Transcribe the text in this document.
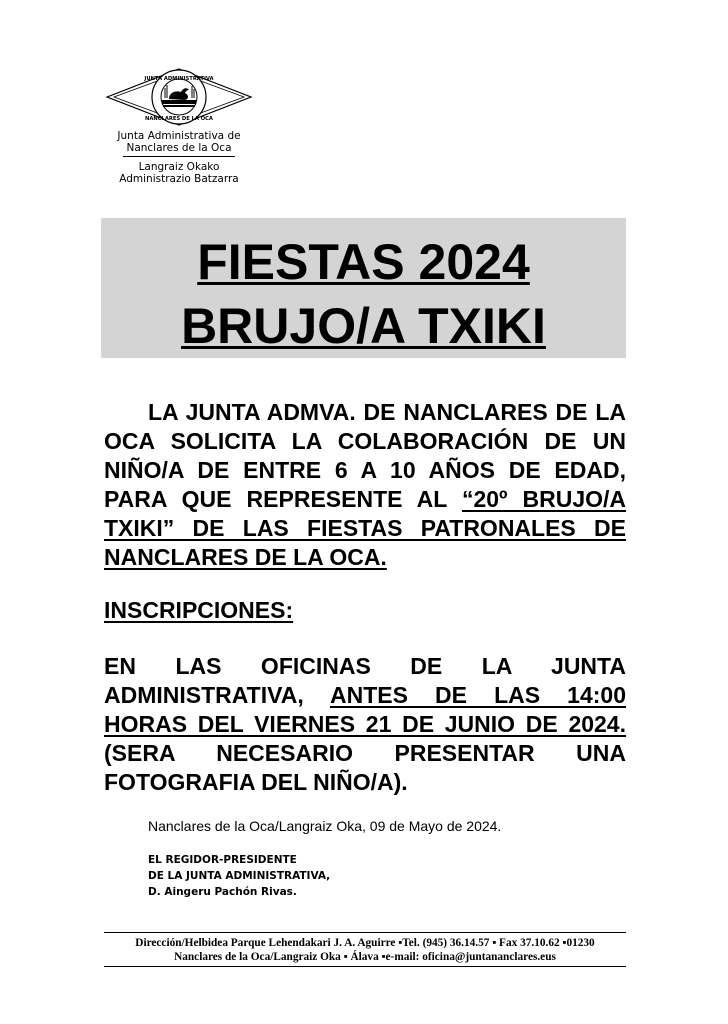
JUNTA ADMINISTRATIVA
NANCLARES DE LA OCA
Junta Administrativa de
Nanclares de la Oca
Langraiz Okako
Administrazio Batzarra
FIESTAS 2024
BRUJO/A TXIKI
LA JUNTA ADMVA. DE NANCLARES DE LA OCA SOLICITA LA COLABORACIÓN DE UN NIÑO/A DE ENTRE 6 A 10 AÑOS DE EDAD, PARA QUE REPRESENTE AL “20º BRUJO/A TXIKI” DE LAS FIESTAS PATRONALES DE NANCLARES DE LA OCA.
INSCRIPCIONES:
EN LAS OFICINAS DE LA JUNTA ADMINISTRATIVA, ANTES DE LAS 14:00 HORAS DEL VIERNES 21 DE JUNIO DE 2024. (SERA NECESARIO PRESENTAR UNA FOTOGRAFIA DEL NIÑO/A).
Nanclares de la Oca/Langraiz Oka, 09 de Mayo de 2024.
EL REGIDOR-PRESIDENTE
DE LA JUNTA ADMINISTRATIVA,
D. Aingeru Pachón Rivas.
Dirección/Helbidea Parque Lehendakari J. A. Aguirre ▪Tel. (945) 36.14.57 ▪ Fax 37.10.62 ▪01230
Nanclares de la Oca/Langraiz Oka ▪ Álava ▪e-mail: oficina@juntananclares.eus
